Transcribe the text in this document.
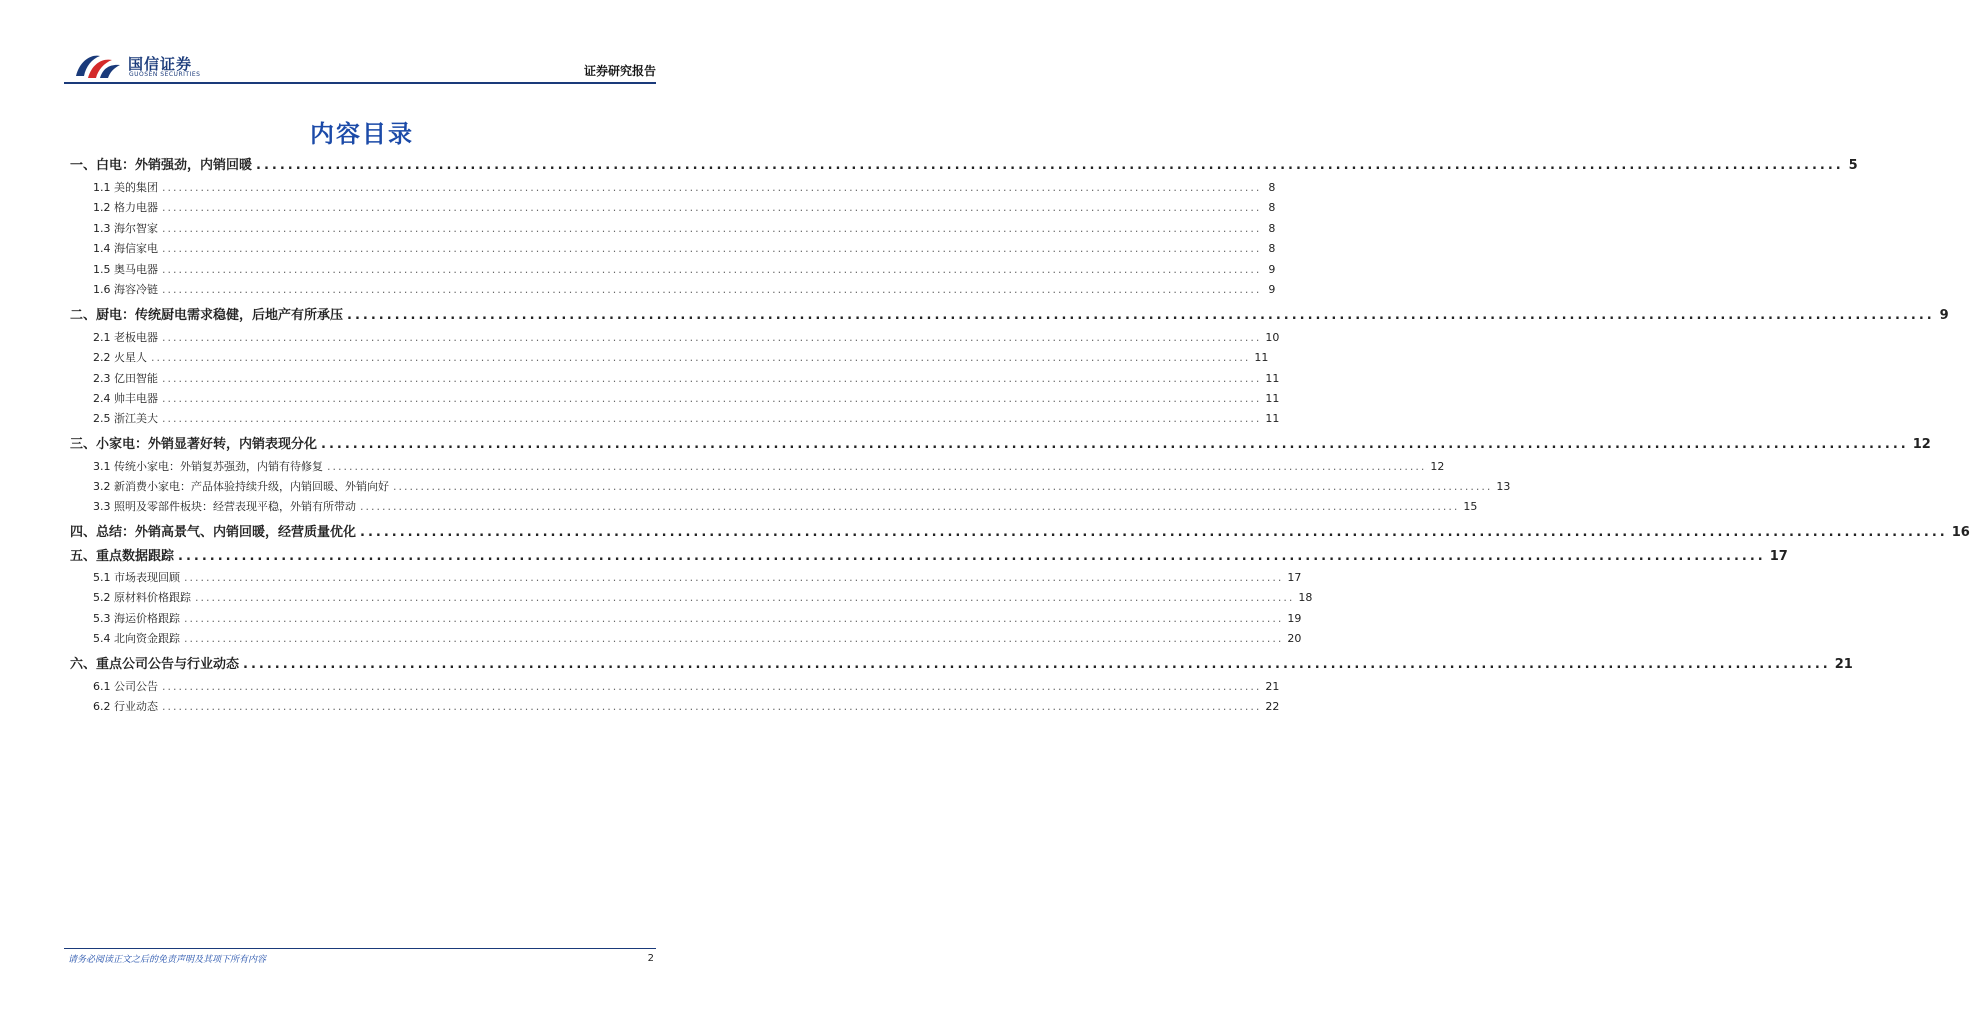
国信证券
GUOSEN SECURITIES	证券研究报告
内容目录
一、白电：外销强劲，内销回暖 ........................................................................................................................................................................................................ 5
1.1 美的集团 ........................................................................................................................................................................................................ 8
1.2 格力电器 ........................................................................................................................................................................................................ 8
1.3 海尔智家 ........................................................................................................................................................................................................ 8
1.4 海信家电 ........................................................................................................................................................................................................ 8
1.5 奥马电器 ........................................................................................................................................................................................................ 9
1.6 海容冷链 ........................................................................................................................................................................................................ 9
二、厨电：传统厨电需求稳健，后地产有所承压 ........................................................................................................................................................................................................ 9
2.1 老板电器 ........................................................................................................................................................................................................ 10
2.2 火星人 ........................................................................................................................................................................................................ 11
2.3 亿田智能 ........................................................................................................................................................................................................ 11
2.4 帅丰电器 ........................................................................................................................................................................................................ 11
2.5 浙江美大 ........................................................................................................................................................................................................ 11
三、小家电：外销显著好转，内销表现分化 ........................................................................................................................................................................................................ 12
3.1 传统小家电：外销复苏强劲，内销有待修复 ........................................................................................................................................................................................................ 12
3.2 新消费小家电：产品体验持续升级，内销回暖、外销向好 ........................................................................................................................................................................................................ 13
3.3 照明及零部件板块：经营表现平稳，外销有所带动 ........................................................................................................................................................................................................ 15
四、总结：外销高景气、内销回暖，经营质量优化 ........................................................................................................................................................................................................ 16
五、重点数据跟踪 ........................................................................................................................................................................................................ 17
5.1 市场表现回顾 ........................................................................................................................................................................................................ 17
5.2 原材料价格跟踪 ........................................................................................................................................................................................................ 18
5.3 海运价格跟踪 ........................................................................................................................................................................................................ 19
5.4 北向资金跟踪 ........................................................................................................................................................................................................ 20
六、重点公司公告与行业动态 ........................................................................................................................................................................................................ 21
6.1 公司公告 ........................................................................................................................................................................................................ 21
6.2 行业动态 ........................................................................................................................................................................................................ 22
请务必阅读正文之后的免责声明及其项下所有内容	2
